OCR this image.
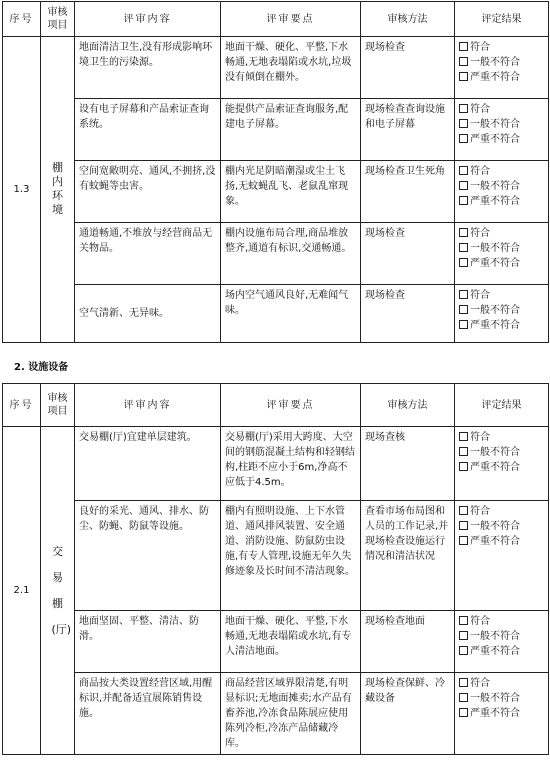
序号	审核项目	评审内容	评审要点	审核方法	评定结果
1.3	棚内环境	地面清洁卫生,没有形成影响环境卫生的污染源。	地面干燥、硬化、平整,下水畅通,无地表塌陷或水坑,垃圾没有倾倒在棚外。	现场检查	符合
一般不符合
严重不符合

		设有电子屏幕和产品索证查询系统。	能提供产品索证查询服务,配建电子屏幕。	现场检查查询设施和电子屏幕	符合
一般不符合
严重不符合

		空间宽敞明亮、通风,不拥挤,没有蚊蝇等虫害。	棚内光足阴暗潮湿或尘土飞扬,无蚊蝇乱飞、老鼠乱窜现象。	现场检查卫生死角	符合
一般不符合
严重不符合

		通道畅通,不堆放与经营商品无关物品。	棚内设施布局合理,商品堆放整齐,通道有标识,交通畅通。	现场检查	符合
一般不符合
严重不符合

		空气清新、无异味。	场内空气通风良好,无难闻气味。	现场检查	符合
一般不符合
严重不符合
2. 设施设备
序号	审核项目	评审内容	评审要点	审核方法	评定结果
2.1	交易棚(厅)	交易棚(厅)宜建单层建筑。	交易棚(厅)采用大跨度、大空间的钢筋混凝土结构和轻钢结构,柱距不应小于6m,净高不应低于4.5m。	现场查核	符合
一般不符合
严重不符合

		良好的采光、通风、排水、防尘、防蝇、防鼠等设施。	棚内有照明设施、上下水管道、通风排风装置、安全通道、消防设施、防鼠防虫设施,有专人管理,设施无年久失修迹象及长时间不清洁现象。	查看市场布局图和人员的工作记录,并现场检查设施运行情况和清洁状况	符合
一般不符合
严重不符合

		地面坚固、平整、清洁、防滑。	地面干燥、硬化、平整,下水畅通,无地表塌陷或水坑,有专人清洁地面。	现场检查地面	符合
一般不符合
严重不符合

		商品按大类设置经营区域,用醒标识,并配备适宜展陈销售设施。	商品经营区域界限清楚,有明显标识;无地面摊卖;水产品有畜养池,冷冻食品陈展应使用陈列冷柜,冷冻产品储藏冷库。	现场检查保鲜、冷藏设备	符合
一般不符合
严重不符合
